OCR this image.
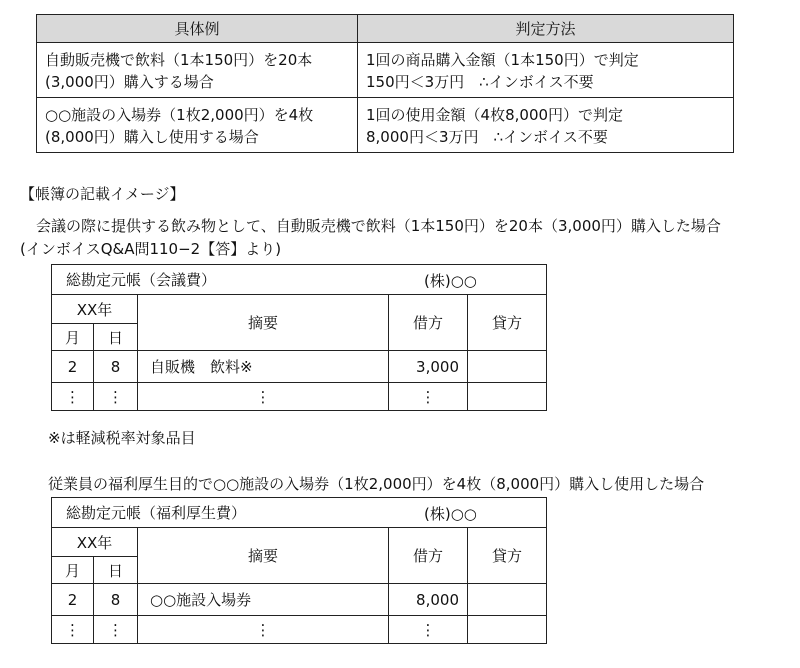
具体例	判定方法

自動販売機で飲料（1本150円）を20本
(3,000円）購入する場合	1回の商品購入金額（1本150円）で判定
150円＜3万円　∴インボイス不要

○○施設の入場券（1枚2,000円）を4枚
(8,000円）購入し使用する場合	1回の使用金額（4枚8,000円）で判定
8,000円＜3万円　∴インボイス不要
【帳簿の記載イメージ】
会議の際に提供する飲み物として、自動販売機で飲料（1本150円）を20本（3,000円）購入した場合
(インボイスQ&A問110−2【答】より)
総勘定元帳（会議費） (株)○○				

XX年		摘要	借方	貸方
月	日			
2	8	自販機　飲料※	3,000	
⋮	⋮	⋮	⋮	
※は軽減税率対象品目
従業員の福利厚生目的で○○施設の入場券（1枚2,000円）を4枚（8,000円）購入し使用した場合
総勘定元帳（福利厚生費） (株)○○				

XX年		摘要	借方	貸方
月	日			
2	8	○○施設入場券	8,000	
⋮	⋮	⋮	⋮	
